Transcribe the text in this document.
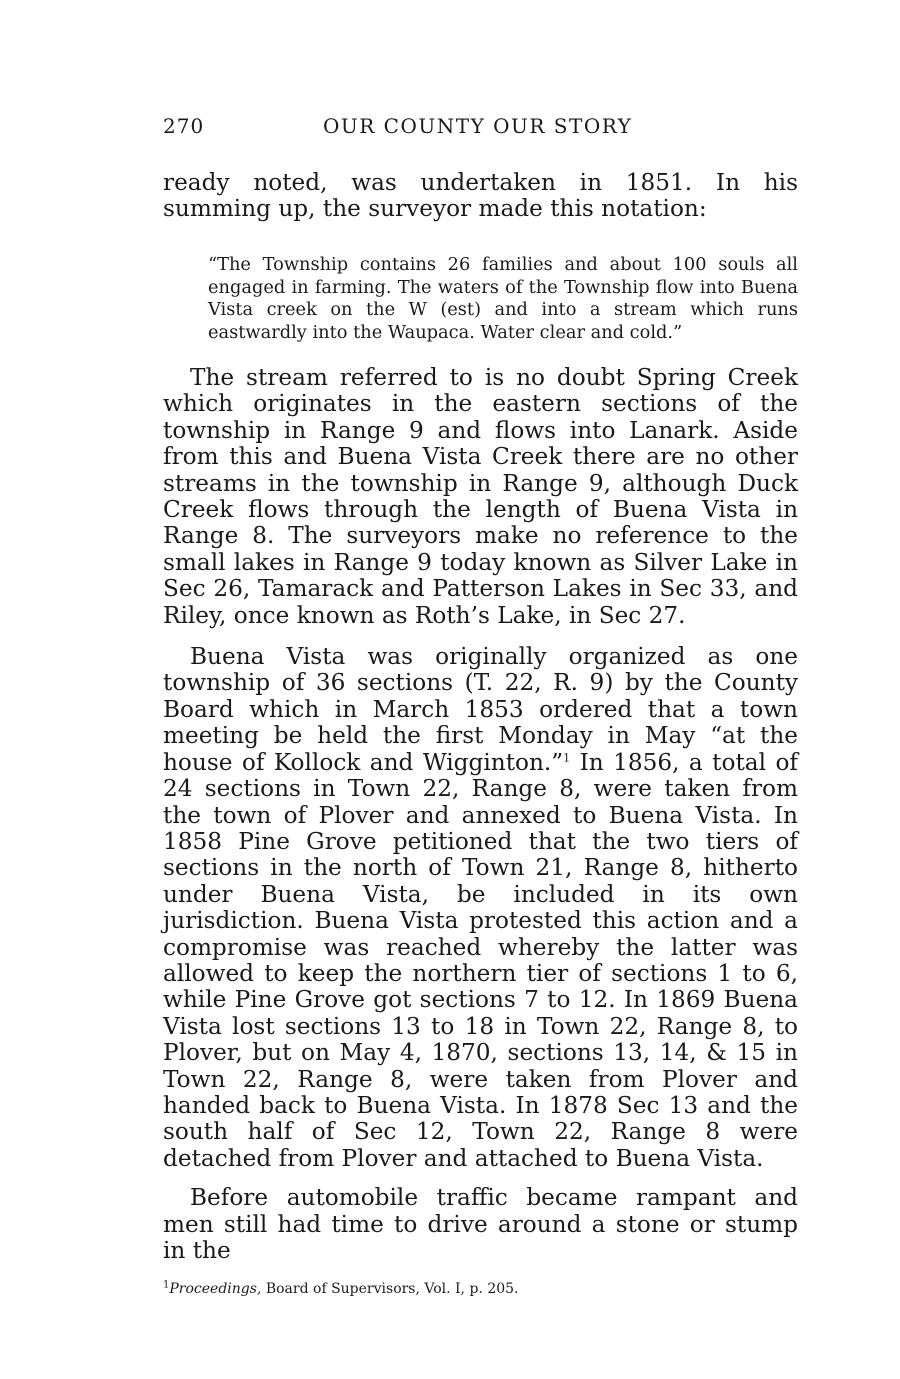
270	OUR COUNTY OUR STORY

ready noted, was undertaken in 1851. In his summing up, the surveyor made this notation:

“The Township contains 26 families and about 100 souls all engaged in farming. The waters of the Township flow into Buena Vista creek on the W (est) and into a stream which runs eastwardly into the Waupaca. Water clear and cold.”

The stream referred to is no doubt Spring Creek which originates in the eastern sections of the township in Range 9 and flows into Lanark. Aside from this and Buena Vista Creek there are no other streams in the township in Range 9, although Duck Creek flows through the length of Buena Vista in Range 8. The surveyors make no reference to the small lakes in Range 9 today known as Silver Lake in Sec 26, Tamarack and Patterson Lakes in Sec 33, and Riley, once known as Roth’s Lake, in Sec 27.

Buena Vista was originally organized as one township of 36 sections (T. 22, R. 9) by the County Board which in March 1853 ordered that a town meeting be held the first Monday in May “at the house of Kollock and Wigginton.”$^1$ In 1856, a total of 24 sections in Town 22, Range 8, were taken from the town of Plover and annexed to Buena Vista. In 1858 Pine Grove petitioned that the two tiers of sections in the north of Town 21, Range 8, hitherto under Buena Vista, be included in its own jurisdiction. Buena Vista protested this action and a compromise was reached whereby the latter was allowed to keep the northern tier of sections 1 to 6, while Pine Grove got sections 7 to 12. In 1869 Buena Vista lost sections 13 to 18 in Town 22, Range 8, to Plover, but on May 4, 1870, sections 13, 14, & 15 in Town 22, Range 8, were taken from Plover and handed back to Buena Vista. In 1878 Sec 13 and the south half of Sec 12, Town 22, Range 8 were detached from Plover and attached to Buena Vista.

Before automobile traffic became rampant and men still had time to drive around a stone or stump in the

$^1$Proceedings, Board of Supervisors, Vol. I, p. 205.
